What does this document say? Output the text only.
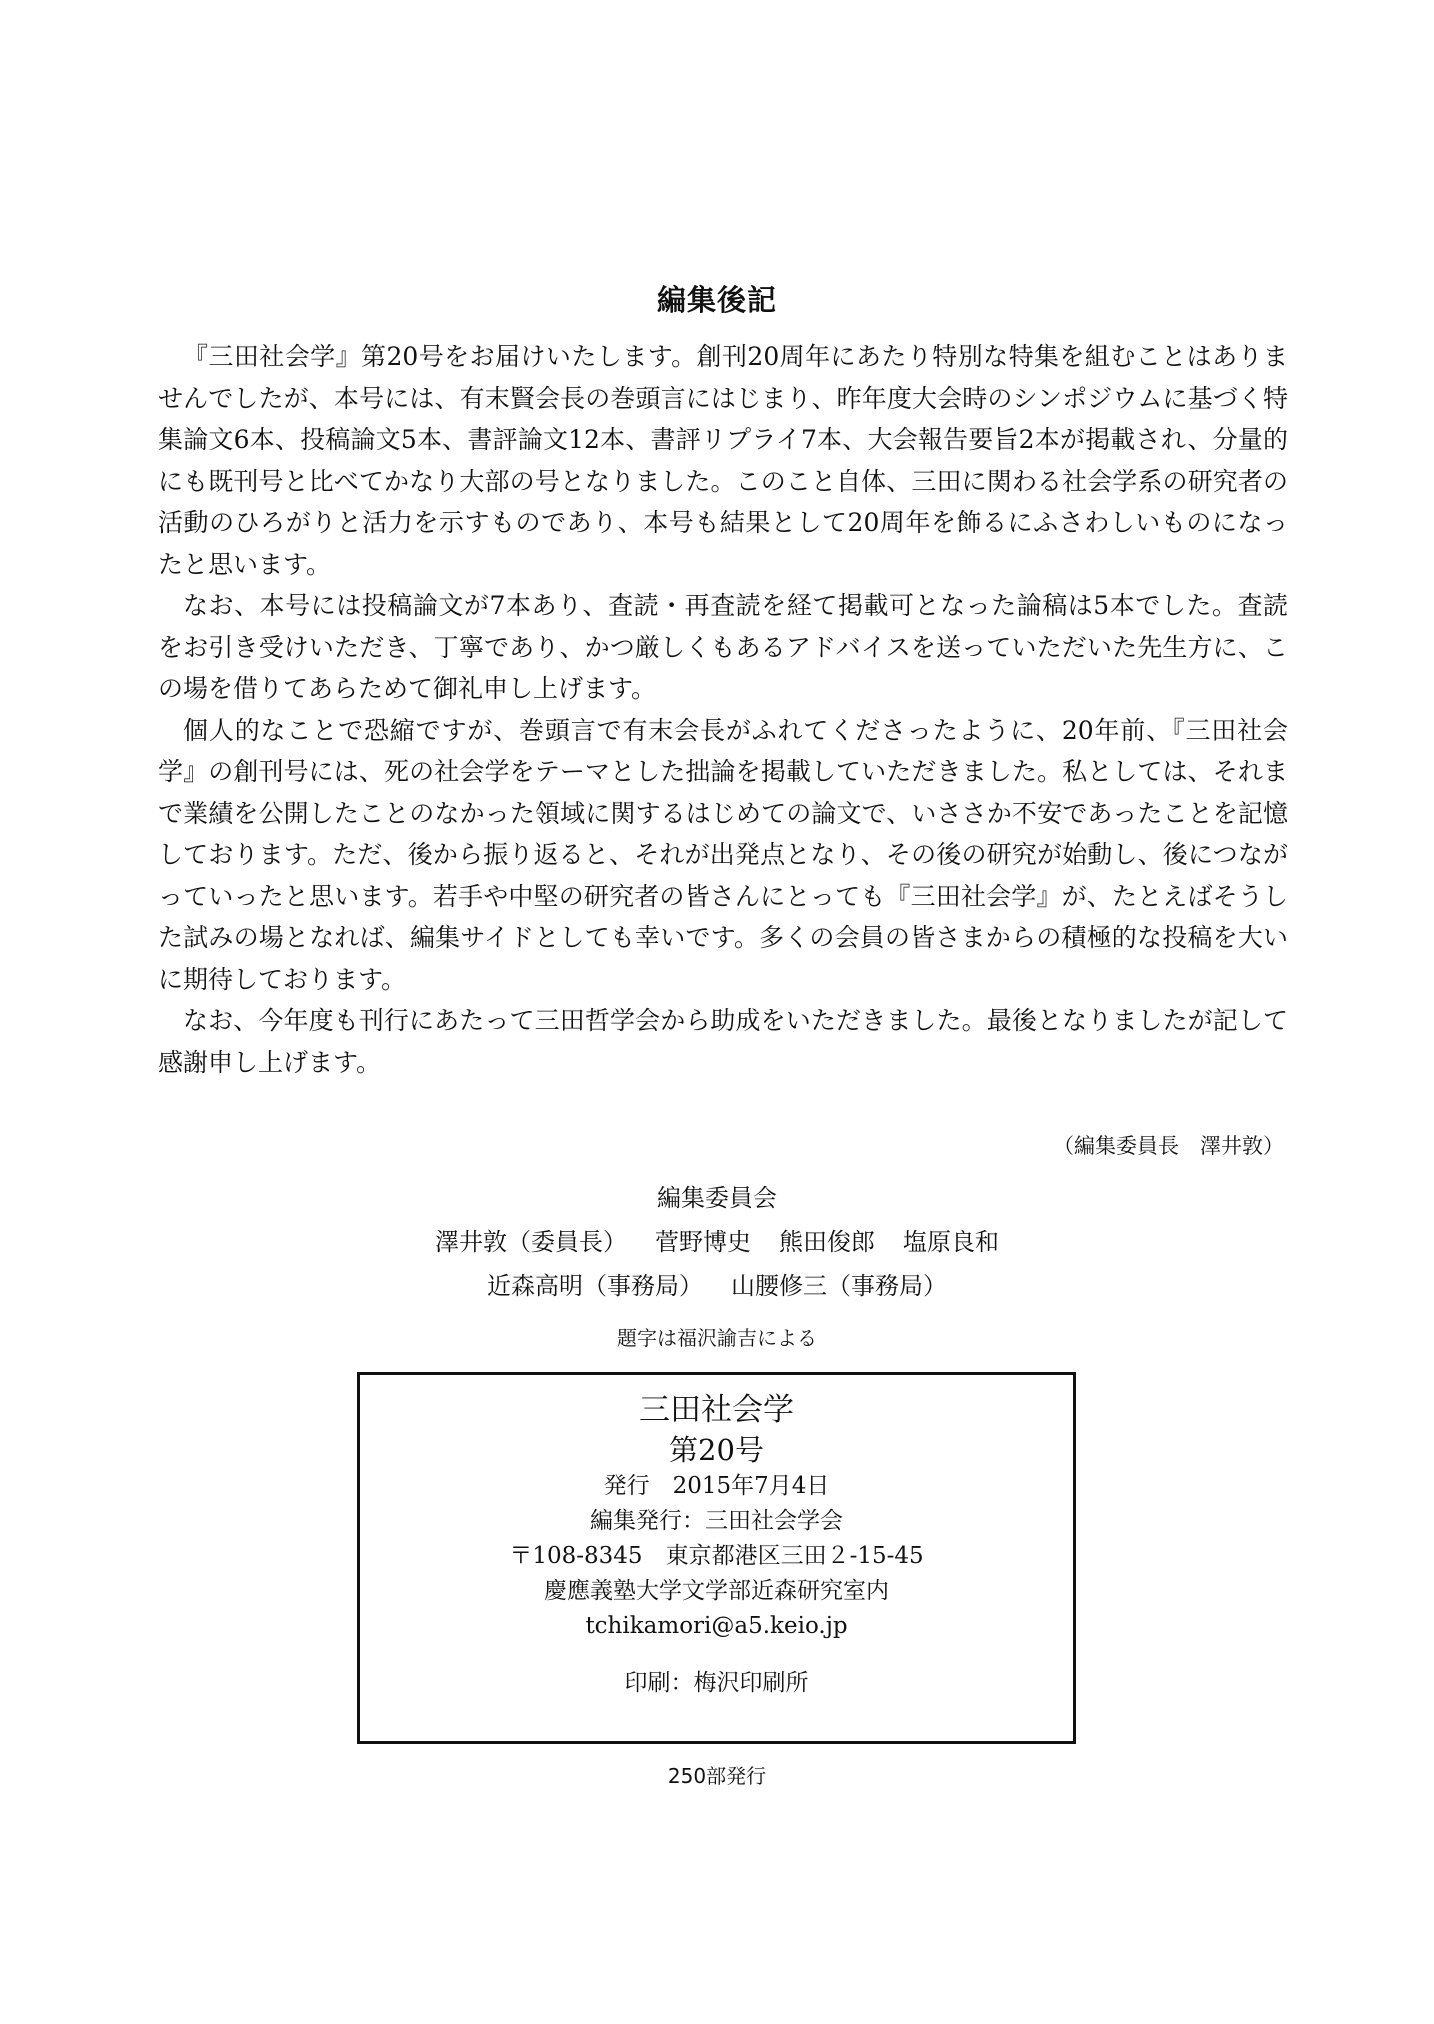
編集後記

『三田社会学』第20号をお届けいたします。創刊20周年にあたり特別な特集を組むことはありませんでしたが、本号には、有末賢会長の巻頭言にはじまり、昨年度大会時のシンポジウムに基づく特集論文6本、投稿論文5本、書評論文12本、書評リプライ7本、大会報告要旨2本が掲載され、分量的にも既刊号と比べてかなり大部の号となりました。このこと自体、三田に関わる社会学系の研究者の活動のひろがりと活力を示すものであり、本号も結果として20周年を飾るにふさわしいものになったと思います。

なお、本号には投稿論文が7本あり、査読・再査読を経て掲載可となった論稿は5本でした。査読をお引き受けいただき、丁寧であり、かつ厳しくもあるアドバイスを送っていただいた先生方に、この場を借りてあらためて御礼申し上げます。

個人的なことで恐縮ですが、巻頭言で有末会長がふれてくださったように、20年前、『三田社会学』の創刊号には、死の社会学をテーマとした拙論を掲載していただきました。私としては、それまで業績を公開したことのなかった領域に関するはじめての論文で、いささか不安であったことを記憶しております。ただ、後から振り返ると、それが出発点となり、その後の研究が始動し、後につながっていったと思います。若手や中堅の研究者の皆さんにとっても『三田社会学』が、たとえばそうした試みの場となれば、編集サイドとしても幸いです。多くの会員の皆さまからの積極的な投稿を大いに期待しております。

なお、今年度も刊行にあたって三田哲学会から助成をいただきました。最後となりましたが記して感謝申し上げます。

（編集委員長　澤井敦）
編集委員会
澤井敦（委員長） 菅野博史 熊田俊郎 塩原良和
近森高明（事務局） 山腰修三（事務局）
題字は福沢諭吉による
三田社会学
第20号
発行　2015年7月4日
編集発行：三田社会学会
〒108-8345　東京都港区三田２-15-45
慶應義塾大学文学部近森研究室内
tchikamori@a5.keio.jp
印刷：梅沢印刷所
250部発行
